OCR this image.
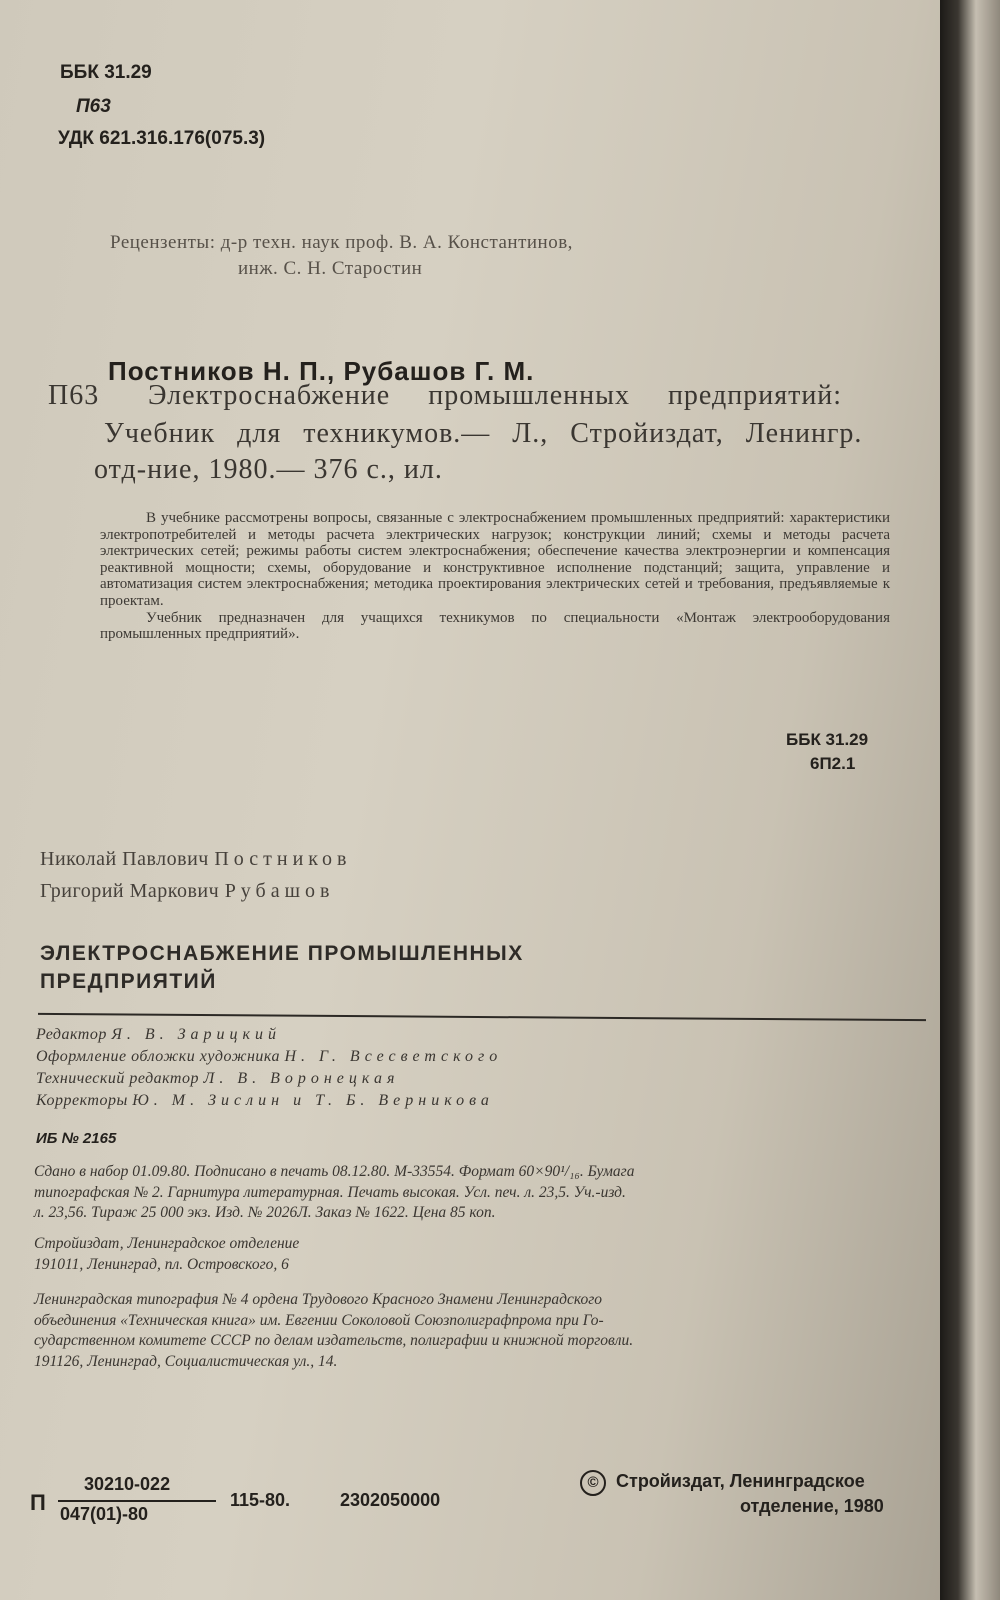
ББК 31.29
П63
УДК 621.316.176(075.3)
Рецензенты: д-р техн. наук проф. В. А. Константинов,
инж. С. Н. Старостин
Постников Н. П., Рубашов Г. М.
П63 Электроснабжение промышленных предприятий:
Учебник для техникумов.— Л., Стройиздат, Ленингр.
отд-ние, 1980.— 376 с., ил.

В учебнике рассмотрены вопросы, связанные с электроснабжением промышленных предприятий: характеристики электропотребителей и методы расчета электрических нагрузок; конструкции линий; схемы и методы расчета электрических сетей; режимы работы систем электроснабжения; обеспечение качества электроэнергии и компенсация реактивной мощности; схемы, оборудование и конструктивное исполнение подстанций; защита, управление и автоматизация систем электроснабжения; методика проектирования электрических сетей и требования, предъявляемые к проектам.

Учебник предназначен для учащихся техникумов по специальности «Монтаж электрооборудования промышленных предприятий».

ББК 31.29
6П2.1
Николай Павлович Постников
Григорий Маркович Рубашов
ЭЛЕКТРОСНАБЖЕНИЕ ПРОМЫШЛЕННЫХ
ПРЕДПРИЯТИЙ
Редактор Я. В. Зарицкий
Оформление обложки художника Н. Г. Всесветского
Технический редактор Л. В. Воронецкая
Корректоры Ю. М. Зислин и Т. Б. Верникова
ИБ № 2165

Сдано в набор 01.09.80. Подписано в печать 08.12.80. М-33554. Формат 60×90¹/₁₆. Бумага

типографская № 2. Гарнитура литературная. Печать высокая. Усл. печ. л. 23,5. Уч.-изд.

л. 23,56. Тираж 25 000 экз. Изд. № 2026Л. Заказ № 1622. Цена 85 коп.

Стройиздат, Ленинградское отделение
191011, Ленинград, пл. Островского, 6

Ленинградская типография № 4 ордена Трудового Красного Знамени Ленинградского

объединения «Техническая книга» им. Евгении Соколовой Союзполиграфпрома при Го-

сударственном комитете СССР по делам издательств, полиграфии и книжной торговли.

191126, Ленинград, Социалистическая ул., 14.

П
30210-022
047(01)-80
115-80.	2302050000
© Стройиздат, Ленинградское
отделение, 1980
